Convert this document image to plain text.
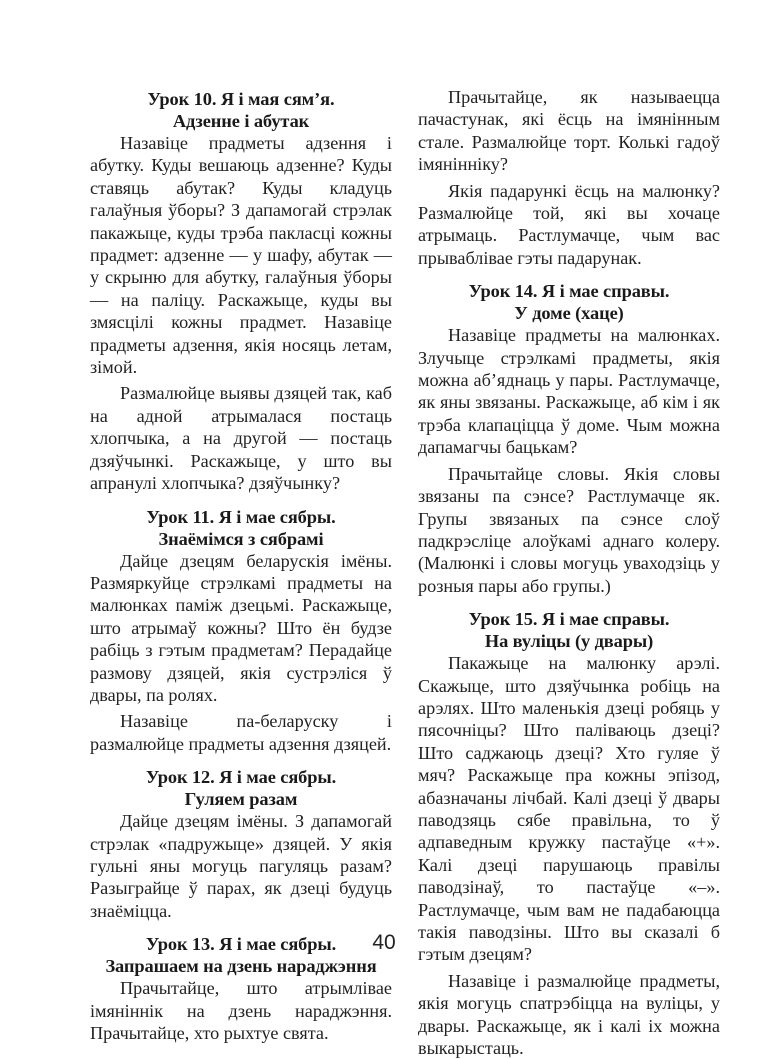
Урок 10. Я і мая сям’я.

Адзенне і абутак

Назавіце прадметы адзення і абутку. Куды вешаюць адзенне? Куды ставяць абутак? Куды кладуць галаўныя ўборы? З дапамогай стрэлак пакажыце, куды трэба пакласці кожны прадмет: адзенне — у шафу, абутак — у скрыню для абутку, галаўныя ўборы — на паліцу. Раскажыце, куды вы змясцілі кожны прадмет. Назавіце прадметы адзення, якія носяць летам, зімой.

Размалюйце выявы дзяцей так, каб на адной атрымалася постаць хлопчыка, а на другой — постаць дзяўчынкі. Раскажыце, у што вы апранулі хлопчыка? дзяўчынку?

Урок 11. Я і мае сябры.

Знаёмімся з сябрамі

Дайце дзецям беларускія імёны. Размяркуйце стрэлкамі прадметы на малюнках паміж дзецьмі. Раскажыце, што атрымаў кожны? Што ён будзе рабіць з гэтым прадметам? Перадайце размову дзяцей, якія сустрэліся ў двары, па ролях.

Назавіце па-беларуску і размалюйце прадметы адзення дзяцей.

Урок 12. Я і мае сябры.

Гуляем разам

Дайце дзецям імёны. З дапамогай стрэлак «падружыце» дзяцей. У якія гульні яны могуць пагуляць разам? Разыграйце ў парах, як дзеці будуць знаёміцца.

Урок 13. Я і мае сябры.

Запрашаем на дзень нараджэння

Прачытайце, што атрымлівае імяніннік на дзень нараджэння. Прачытайце, хто рыхтуе свята.

Прачытайце, як называецца пачастунак, які ёсць на імянінным стале. Размалюйце торт. Колькі гадоў імянінніку?

Якія падарункі ёсць на малюнку? Размалюйце той, які вы хочаце атрымаць. Растлумачце, чым вас прываблівае гэты падарунак.

Урок 14. Я і мае справы.

У доме (хаце)

Назавіце прадметы на малюнках. Злучыце стрэлкамі прадметы, якія можна аб’яднаць у пары. Растлумачце, як яны звязаны. Раскажыце, аб кім і як трэба клапаціцца ў доме. Чым можна дапамагчы бацькам?

Прачытайце словы. Якія словы звязаны па сэнсе? Растлумачце як. Групы звязаных па сэнсе слоў падкрэсліце алоўкамі аднаго колеру. (Малюнкі і словы могуць уваходзіць у розныя пары або групы.)

Урок 15. Я і мае справы.

На вуліцы (у двары)

Пакажыце на малюнку арэлі. Скажыце, што дзяўчынка робіць на арэлях. Што маленькія дзеці робяць у пясочніцы? Што паліваюць дзеці? Што саджаюць дзеці? Хто гуляе ў мяч? Раскажыце пра кожны эпізод, абазначаны лічбай. Калі дзеці ў двары паводзяць сябе правільна, то ў адпаведным кружку пастаўце «+». Калі дзеці парушаюць правілы паводзінаў, то пастаўце «–». Растлумачце, чым вам не падабаюцца такія паводзіны. Што вы сказалі б гэтым дзецям?

Назавіце і размалюйце прадметы, якія могуць спатрэбіцца на вуліцы, у двары. Раскажыце, як і калі іх можна выкарыстаць.

40
